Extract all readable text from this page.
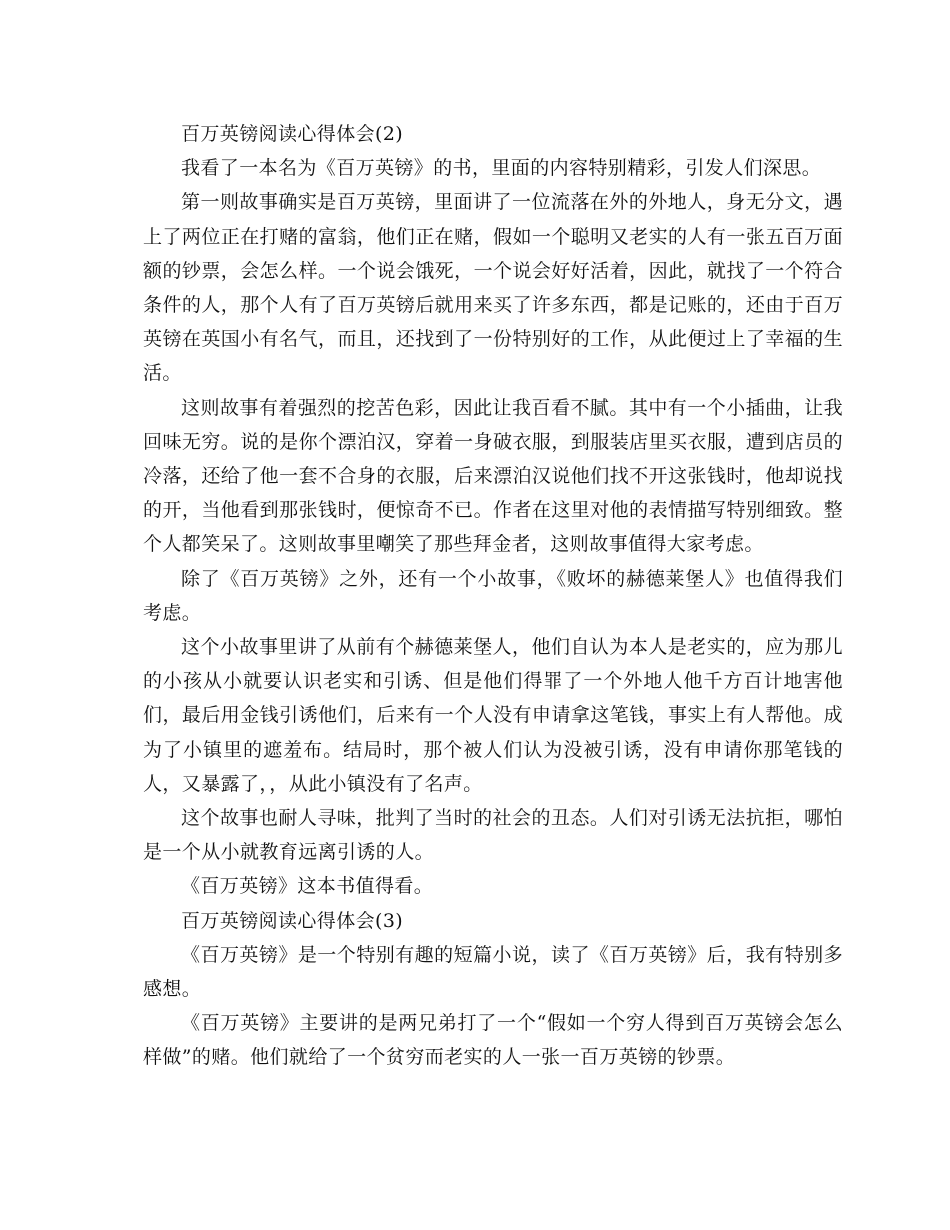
百万英镑阅读心得体会(2)

我看了一本名为《百万英镑》的书，里面的内容特别精彩，引发人们深思。

第一则故事确实是百万英镑，里面讲了一位流落在外的外地人，身无分文，遇上了两位正在打赌的富翁，他们正在赌，假如一个聪明又老实的人有一张五百万面额的钞票，会怎么样。一个说会饿死，一个说会好好活着，因此，就找了一个符合条件的人，那个人有了百万英镑后就用来买了许多东西，都是记账的，还由于百万英镑在英国小有名气，而且，还找到了一份特别好的工作，从此便过上了幸福的生活。

这则故事有着强烈的挖苦色彩，因此让我百看不腻。其中有一个小插曲，让我回味无穷。说的是你个漂泊汉，穿着一身破衣服，到服装店里买衣服，遭到店员的冷落，还给了他一套不合身的衣服，后来漂泊汉说他们找不开这张钱时，他却说找的开，当他看到那张钱时，便惊奇不已。作者在这里对他的表情描写特别细致。整个人都笑呆了。这则故事里嘲笑了那些拜金者，这则故事值得大家考虑。

除了《百万英镑》之外，还有一个小故事，《败坏的赫德莱堡人》也值得我们考虑。

这个小故事里讲了从前有个赫德莱堡人，他们自认为本人是老实的，应为那儿的小孩从小就要认识老实和引诱、但是他们得罪了一个外地人他千方百计地害他们，最后用金钱引诱他们，后来有一个人没有申请拿这笔钱，事实上有人帮他。成为了小镇里的遮羞布。结局时，那个被人们认为没被引诱，没有申请你那笔钱的人，又暴露了，，从此小镇没有了名声。

这个故事也耐人寻味，批判了当时的社会的丑态。人们对引诱无法抗拒，哪怕是一个从小就教育远离引诱的人。

《百万英镑》这本书值得看。

百万英镑阅读心得体会(3)

《百万英镑》是一个特别有趣的短篇小说，读了《百万英镑》后，我有特别多感想。

《百万英镑》主要讲的是两兄弟打了一个“假如一个穷人得到百万英镑会怎么样做”的赌。他们就给了一个贫穷而老实的人一张一百万英镑的钞票。
